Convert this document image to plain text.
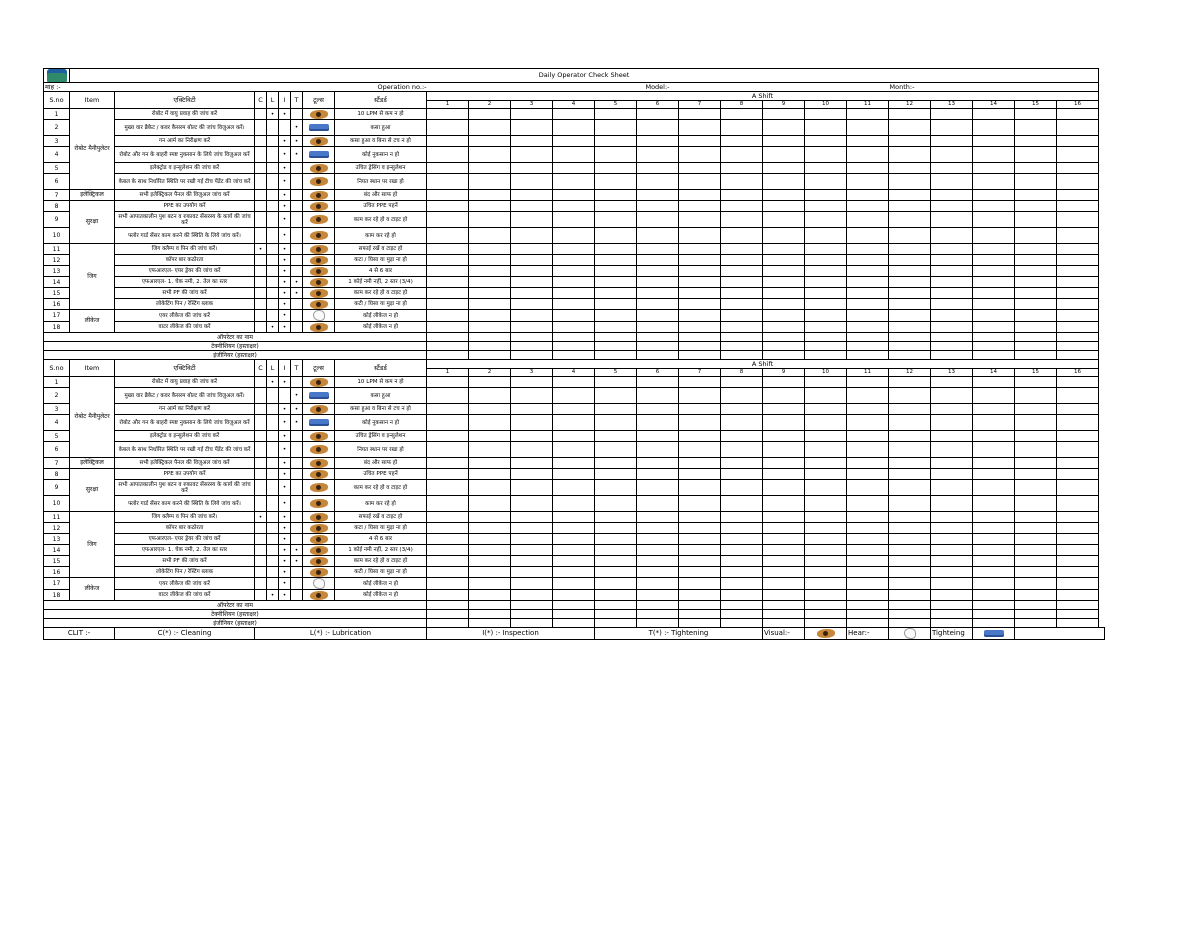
	Daily Operator Check Sheet																							
माह :-		Operation no.:-							Model:-											Month:-				
S.no	Item	एक्टिविटी	C	L	I	T	टूल्स	स्टैंडर्ड	A Shift															
									1	2	3	4	5	6	7	8	9	10	11	12	13	14	15	16
1	रोबोट मैनीपुलेटर	रोबोट में वायु प्रवाह की जांच करें		•	•			10 LPM से कम न हो																
2		मुख्य वार ब्रैकेट / कवर कैसरम बोल्ट की जांच विज़ुअल करें।				•		कसा हुआ																
3		गन आर्म का निरीक्षण करें			•	•		कसा हुआ व बिना से टच न हो																
4		रोबोट और गन के बाहरी स्पष्ट नुकसान के लिये जांच विज़ुअल करें			•	•		कोई नुकसान न हो																
5		इलेक्ट्रोड व इन्सुलेशन की जांच करें			•			उचित ड्रेसिंग व इन्सुलेशन																
6		केबल के साथ निर्धारित स्थिति पर रखी गई टीच पेंडेंट की जांच करें			•			नियत स्थान पर रखा हो																
7	इलेक्ट्रिकल	सभी इलेक्ट्रिकल पैनल की विज़ुअल जांच करें			•			बंद और साफ हो																
8	सुरक्षा	PPE का उपयोग करें			•			उचित PPE पहनें																
9		सभी आपातकालीन पुश बटन व रुकावट सेंसरस्य के कार्य की जांच करें			•			काम कर रहे हो व टाइट हो																
10		फ्लोर गार्ड सेंसर काम करने की स्थिति के लिये जांच करें।			•			काम कर रहे हो																
11	जिग	जिग क्लैम्प व पिन की जांच करें।	•		•			सफाई रखें व टाइट हो																
12		कॉपर बार कठोरता			•			कटा / घिसा या मुड़ा ना हो																
13		एफआरएल- एयर ड्रेयर की जांच करें			•			4 से 6 बार																
14		एफआरएल- 1. चेक नमी, 2. तेल का स्तर			•	•		1 कोई नमी नहीं, 2 स्तर (3/4)																
15		सभी PF की जांच करें			•	•		काम कर रहे हो व टाइट हो																
16		लोकेटिंग पिन / रेस्टिंग ब्लाक			•			कटी / घिसा या मुड़ा ना हो																
17	लीकेज	एयर लीकेज की जांच करें			•			कोई लीकेज न हो																
18		वाटर लीकेज की जांच करें		•	•			कोई लीकेज न हो																
ऑपरेटर का नाम																								
टेक्नीशियन (हस्ताक्षर)																								
इंजीनियर (हस्ताक्षर)																								
S.no	Item	एक्टिविटी	C	L	I	T	टूल्स	स्टैंडर्ड	A Shift															
									1	2	3	4	5	6	7	8	9	10	11	12	13	14	15	16
1	रोबोट मैनीपुलेटर	रोबोट में वायु प्रवाह की जांच करें		•	•			10 LPM से कम न हो																
2		मुख्य वार ब्रैकेट / कवर कैसरम बोल्ट की जांच विज़ुअल करें।				•		कसा हुआ																
3		गन आर्म का निरीक्षण करें			•	•		कसा हुआ व बिना से टच न हो																
4		रोबोट और गन के बाहरी स्पष्ट नुकसान के लिये जांच विज़ुअल करें			•	•		कोई नुकसान न हो																
5		इलेक्ट्रोड व इन्सुलेशन की जांच करें			•			उचित ड्रेसिंग व इन्सुलेशन																
6		केबल के साथ निर्धारित स्थिति पर रखी गई टीच पेंडेंट की जांच करें			•			नियत स्थान पर रखा हो																
7	इलेक्ट्रिकल	सभी इलेक्ट्रिकल पैनल की विज़ुअल जांच करें			•			बंद और साफ हो																
8	सुरक्षा	PPE का उपयोग करें			•			उचित PPE पहनें																
9		सभी आपातकालीन पुश बटन व रुकावट सेंसरस्य के कार्य की जांच करें			•			काम कर रहे हो व टाइट हो																
10		फ्लोर गार्ड सेंसर काम करने की स्थिति के लिये जांच करें।			•			काम कर रहे हो																
11	जिग	जिग क्लैम्प व पिन की जांच करें।	•		•			सफाई रखें व टाइट हो																
12		कॉपर बार कठोरता			•			कटा / घिसा या मुड़ा ना हो																
13		एफआरएल- एयर ड्रेयर की जांच करें			•			4 से 6 बार																
14		एफआरएल- 1. चेक नमी, 2. तेल का स्तर			•	•		1 कोई नमी नहीं, 2 स्तर (3/4)																
15		सभी PF की जांच करें			•	•		काम कर रहे हो व टाइट हो																
16		लोकेटिंग पिन / रेस्टिंग ब्लाक			•			कटी / घिसा या मुड़ा ना हो																
17	लीकेज	एयर लीकेज की जांच करें			•			कोई लीकेज न हो																
18		वाटर लीकेज की जांच करें		•	•			कोई लीकेज न हो																
ऑपरेटर का नाम																								
टेक्नीशियन (हस्ताक्षर)																								
इंजीनियर (हस्ताक्षर)																								
CLIT :-		C(*) :- Cleaning	L(*) :- Lubrication						I(*) :- Inspection				T(*) :- Tightening				Visual:-		Hear:-		Tighteing			
